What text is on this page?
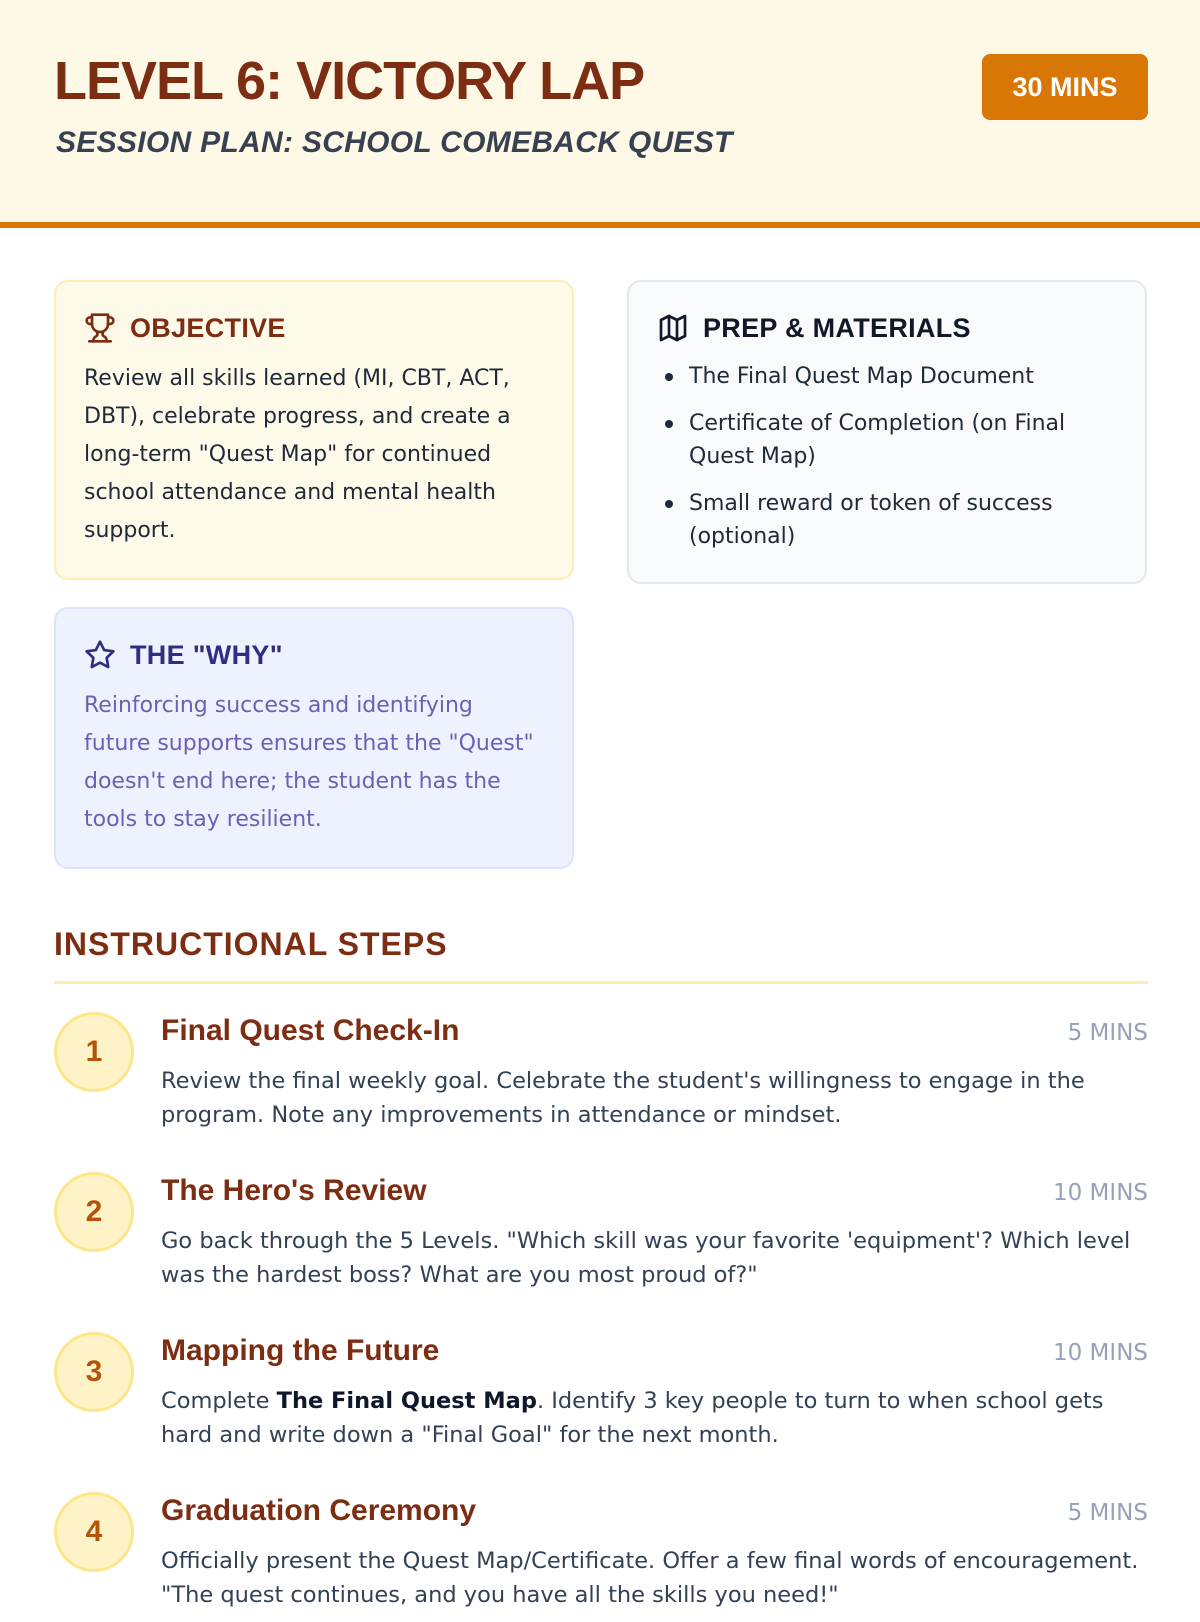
LEVEL 6: VICTORY LAP
SESSION PLAN: SCHOOL COMEBACK QUEST
30 MINS
OBJECTIVE

Review all skills learned (MI, CBT, ACT, DBT), celebrate progress, and create a long-term "Quest Map" for continued school attendance and mental health support.

PREP & MATERIALS
The Final Quest Map Document
Certificate of Completion (on Final Quest Map)
Small reward or token of success (optional)
THE "WHY"

Reinforcing success and identifying future supports ensures that the "Quest" doesn't end here; the student has the tools to stay resilient.

INSTRUCTIONAL STEPS
1
Final Quest Check-In	5 MINS
Review the final weekly goal. Celebrate the student's willingness to engage in the program. Note any improvements in attendance or mindset.
2
The Hero's Review	10 MINS
Go back through the 5 Levels. "Which skill was your favorite 'equipment'? Which level was the hardest boss? What are you most proud of?"
3
Mapping the Future	10 MINS
Complete The Final Quest Map. Identify 3 key people to turn to when school gets hard and write down a "Final Goal" for the next month.
4
Graduation Ceremony	5 MINS
Officially present the Quest Map/Certificate. Offer a few final words of encouragement. "The quest continues, and you have all the skills you need!"
